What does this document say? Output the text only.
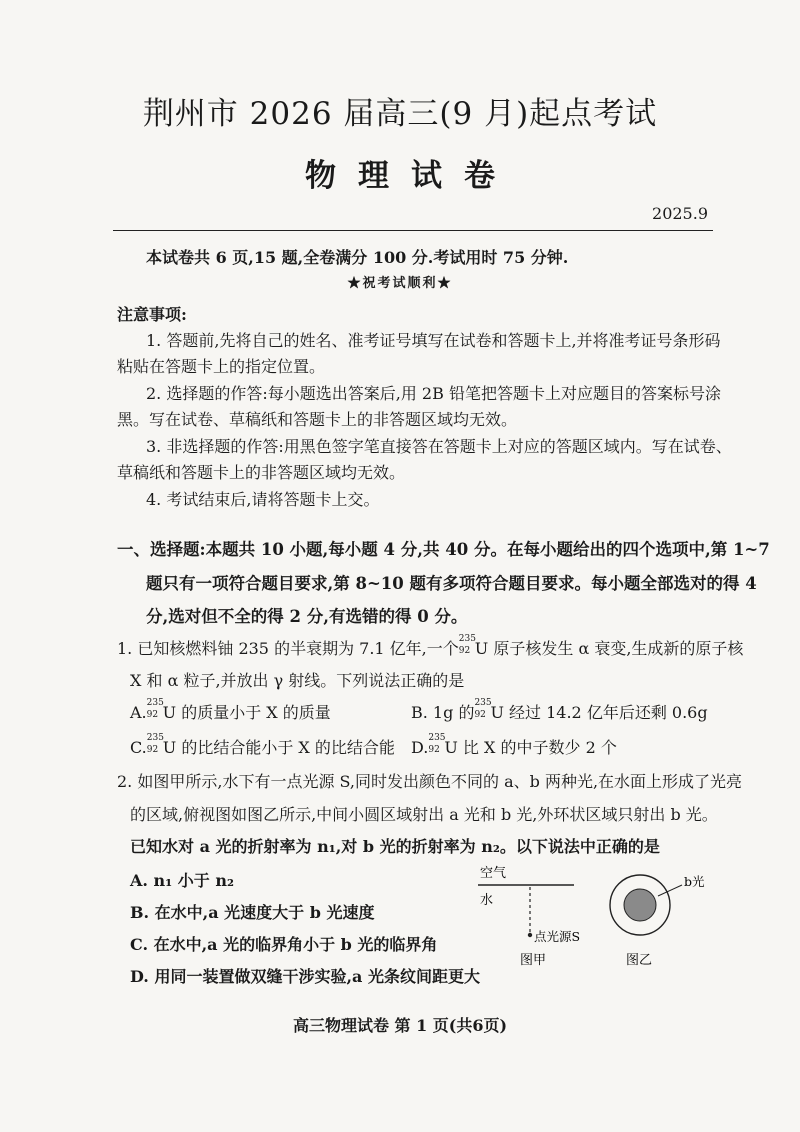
荆州市 2026 届高三(9 月)起点考试
物理试卷
2025.9
本试卷共 6 页,15 题,全卷满分 100 分.考试用时 75 分钟.
★祝考试顺利★
注意事项:
1. 答题前,先将自己的姓名、准考证号填写在试卷和答题卡上,并将准考证号条形码
粘贴在答题卡上的指定位置。
2. 选择题的作答:每小题选出答案后,用 2B 铅笔把答题卡上对应题目的答案标号涂
黑。写在试卷、草稿纸和答题卡上的非答题区域均无效。
3. 非选择题的作答:用黑色签字笔直接答在答题卡上对应的答题区域内。写在试卷、
草稿纸和答题卡上的非答题区域均无效。
4. 考试结束后,请将答题卡上交。
一、选择题:本题共 10 小题,每小题 4 分,共 40 分。在每小题给出的四个选项中,第 1~7
题只有一项符合题目要求,第 8~10 题有多项符合题目要求。每小题全部选对的得 4
分,选对但不全的得 2 分,有选错的得 0 分。
1. 已知核燃料铀 235 的半衰期为 7.1 亿年,一个 235
92 U 原子核发生 α 衰变,生成新的原子核
X 和 α 粒子,并放出 γ 射线。下列说法正确的是
A. 235
92 U 的质量小于 X 的质量	B. 1g 的 235
92 U 经过 14.2 亿年后还剩 0.6g
C. 235
92 U 的比结合能小于 X 的比结合能 D. 235
92 U 比 X 的中子数少 2 个
2. 如图甲所示,水下有一点光源 S,同时发出颜色不同的 a、b 两种光,在水面上形成了光亮
的区域,俯视图如图乙所示,中间小圆区域射出 a 光和 b 光,外环状区域只射出 b 光。
已知水对 a 光的折射率为 n₁,对 b 光的折射率为 n₂。以下说法中正确的是
A. n₁ 小于 n₂
B. 在水中,a 光速度大于 b 光速度
C. 在水中,a 光的临界角小于 b 光的临界角
D. 用同一装置做双缝干涉实验,a 光条纹间距更大
空气
水
点光源S
图甲
b光
图乙
高三物理试卷 第 1 页(共6页)
